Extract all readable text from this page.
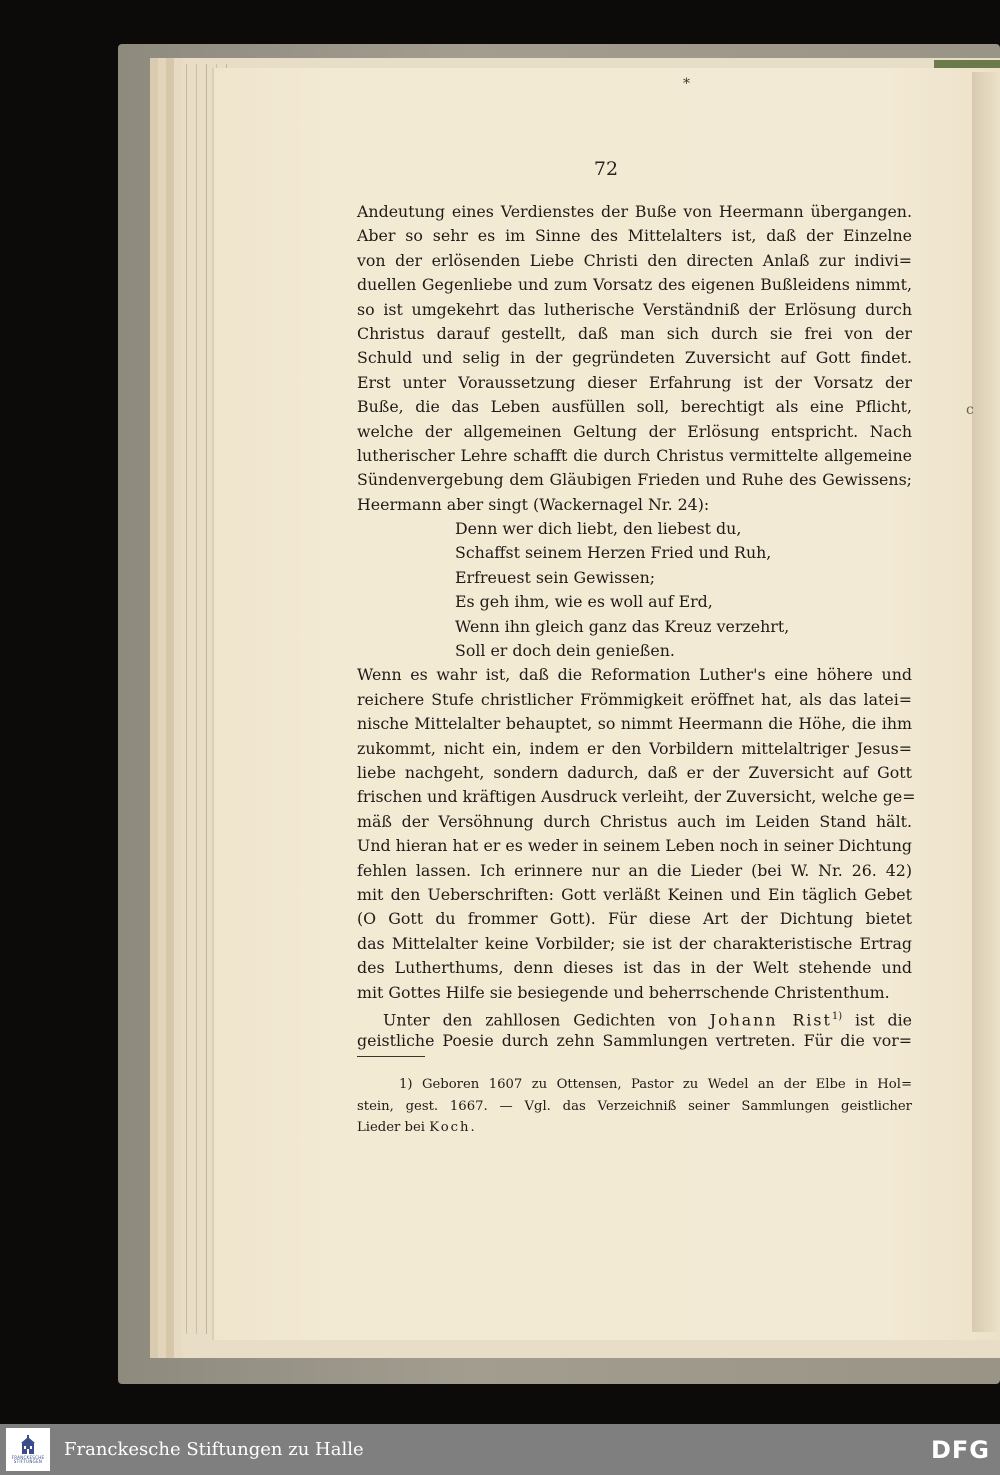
*
c
72
Andeutung eines Verdienstes der Buße von Heermann übergangen.
Aber so sehr es im Sinne des Mittelalters ist, daß der Einzelne
von der erlösenden Liebe Christi den directen Anlaß zur indivi=
duellen Gegenliebe und zum Vorsatz des eigenen Bußleidens nimmt,
so ist umgekehrt das lutherische Verständniß der Erlösung durch
Christus darauf gestellt, daß man sich durch sie frei von der
Schuld und selig in der gegründeten Zuversicht auf Gott findet.
Erst unter Voraussetzung dieser Erfahrung ist der Vorsatz der
Buße, die das Leben ausfüllen soll, berechtigt als eine Pflicht,
welche der allgemeinen Geltung der Erlösung entspricht. Nach
lutherischer Lehre schafft die durch Christus vermittelte allgemeine
Sündenvergebung dem Gläubigen Frieden und Ruhe des Gewissens;
Heermann aber singt (Wackernagel Nr. 24):
Denn wer dich liebt, den liebest du,
Schaffst seinem Herzen Fried und Ruh,
Erfreuest sein Gewissen;
Es geh ihm, wie es woll auf Erd,
Wenn ihn gleich ganz das Kreuz verzehrt,
Soll er doch dein genießen.
Wenn es wahr ist, daß die Reformation Luther's eine höhere und
reichere Stufe christlicher Frömmigkeit eröffnet hat, als das latei=
nische Mittelalter behauptet, so nimmt Heermann die Höhe, die ihm
zukommt, nicht ein, indem er den Vorbildern mittelaltriger Jesus=
liebe nachgeht, sondern dadurch, daß er der Zuversicht auf Gott
frischen und kräftigen Ausdruck verleiht, der Zuversicht, welche ge=
mäß der Versöhnung durch Christus auch im Leiden Stand hält.
Und hieran hat er es weder in seinem Leben noch in seiner Dichtung
fehlen lassen. Ich erinnere nur an die Lieder (bei W. Nr. 26. 42)
mit den Ueberschriften: Gott verläßt Keinen und Ein täglich Gebet
(O Gott du frommer Gott). Für diese Art der Dichtung bietet
das Mittelalter keine Vorbilder; sie ist der charakteristische Ertrag
des Lutherthums, denn dieses ist das in der Welt stehende und
mit Gottes Hilfe sie besiegende und beherrschende Christenthum.
Unter den zahllosen Gedichten von Johann Rist$^{1)}$ ist die
geistliche Poesie durch zehn Sammlungen vertreten. Für die vor=
1) Geboren 1607 zu Ottensen, Pastor zu Wedel an der Elbe in Hol=
stein, gest. 1667. — Vgl. das Verzeichniß seiner Sammlungen geistlicher
Lieder bei Koch.
FRANCKESCHE
STIFTUNGEN
Franckesche Stiftungen zu Halle	DFG
